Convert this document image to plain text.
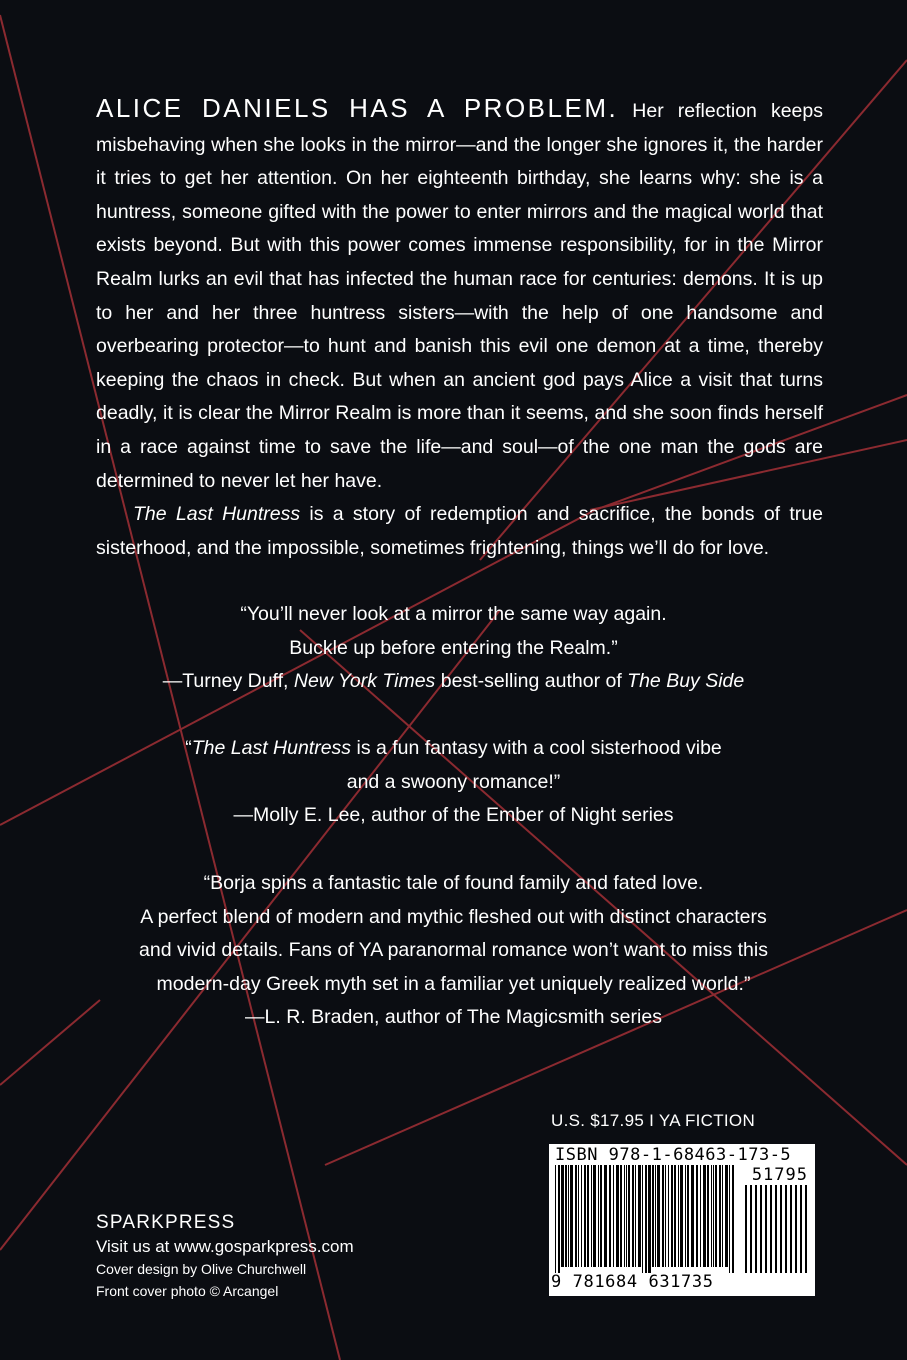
ALICE DANIELS HAS A PROBLEM. Her reflection keeps misbehaving when she looks in the mirror—and the longer she ignores it, the harder it tries to get her attention. On her eighteenth birthday, she learns why: she is a huntress, someone gifted with the power to enter mirrors and the magical world that exists beyond. But with this power comes immense responsibility, for in the Mirror Realm lurks an evil that has infected the human race for centuries: demons. It is up to her and her three huntress sisters—with the help of one handsome and overbearing protector—to hunt and banish this evil one demon at a time, thereby keeping the chaos in check. But when an ancient god pays Alice a visit that turns deadly, it is clear the Mirror Realm is more than it seems, and she soon finds herself in a race against time to save the life—and soul—of the one man the gods are determined to never let her have.

The Last Huntress is a story of redemption and sacrifice, the bonds of true sisterhood, and the impossible, sometimes frightening, things we’ll do for love.

“You’ll never look at a mirror the same way again.
Buckle up before entering the Realm.”
—Turney Duff, New York Times best-selling author of The Buy Side
“The Last Huntress is a fun fantasy with a cool sisterhood vibe
and a swoony romance!”
—Molly E. Lee, author of the Ember of Night series
“Borja spins a fantastic tale of found family and fated love.
A perfect blend of modern and mythic fleshed out with distinct characters
and vivid details. Fans of YA paranormal romance won’t want to miss this
modern-day Greek myth set in a familiar yet uniquely realized world.”
—L. R. Braden, author of The Magicsmith series
SPARKPRESS
Visit us at www.gosparkpress.com
Cover design by Olive Churchwell
Front cover photo © Arcangel
U.S. $17.95 I YA FICTION
ISBN 978-1-68463-173-5
51795
9 781684 631735
